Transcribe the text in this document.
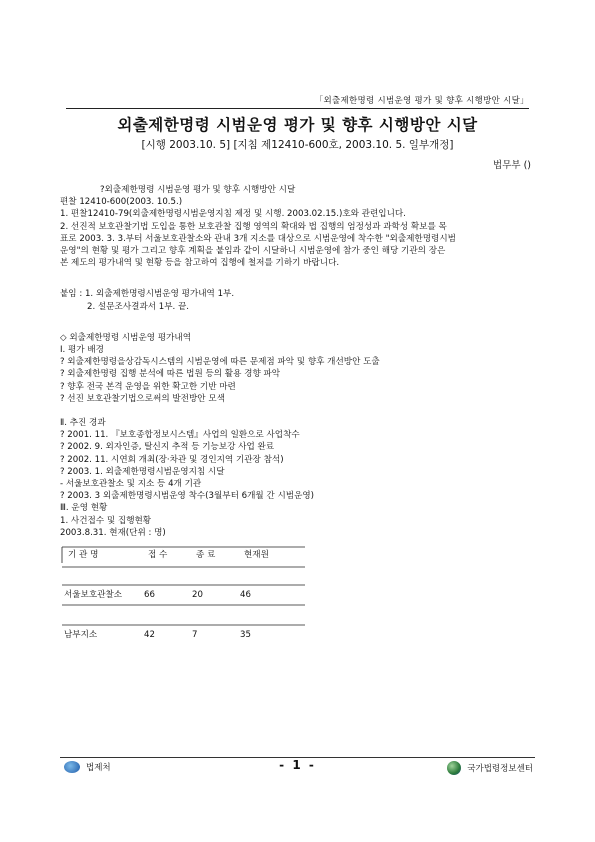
「외출제한명령 시범운영 평가 및 향후 시행방안 시달」
외출제한명령 시범운영 평가 및 향후 시행방안 시달
[시행 2003.10. 5] [지침 제12410-600호, 2003.10. 5. 일부개정]
법무부 ()
?외출제한명령 시범운영 평가 및 향후 시행방안 시달
편찰 12410-600(2003. 10.5.)
1. 편찰12410-79(외출제한명령시범운영지침 제정 및 시행. 2003.02.15.)호와 관련입니다.
2. 선진적 보호관찰기법 도입을 통한 보호관찰 집행 영역의 확대와 법 집행의 엄정성과 과학성 확보를 목
표로 2003. 3. 3.부터 서울보호관찰소와 관내 3개 지소를 대상으로 시범운영에 착수한 "외출제한명령시범
운영"의 현황 및 평가 그리고 향후 계획을 붙임과 같이 시달하니 시범운영에 참가 중인 해당 기관의 장은
본 제도의 평가내역 및 현황 등을 참고하여 집행에 철저를 기하기 바랍니다.
붙임 : 1. 외출제한명령시범운영 평가내역 1부.
2. 설문조사결과서 1부. 끝.
◇ 외출제한명령 시범운영 평가내역
Ⅰ. 평가 배경
? 외출제한명령을상감독시스템의 시범운영에 따른 문제점 파악 및 향후 개선방안 도출
? 외출제한명령 집행 분석에 따른 법원 등의 활용 경향 파악
? 향후 전국 본격 운영을 위한 확고한 기반 마련
? 선진 보호관찰기법으로써의 발전방안 모색
Ⅱ. 추진 경과
? 2001. 11. 『보호종합정보시스템』사업의 일환으로 사업착수
? 2002. 9. 외자인증, 탈신지 추적 등 기능보강 사업 완료
? 2002. 11. 시연회 개최(장·차관 및 경인지역 기관장 참석)
? 2003. 1. 외출제한명령시범운영지침 시달
- 서울보호관찰소 및 지소 등 4개 기관
? 2003. 3 외출제한명령시범운영 착수(3월부터 6개월 간 시범운영)
Ⅲ. 운영 현황
1. 사건접수 및 집행현황
2003.8.31. 현재(단위 : 명)
기 관 명	접 수	종 료	현재원
서울보호관찰소	66	20	46
남부지소	42	7	35
법제처	- 1 -	국가법령정보센터
